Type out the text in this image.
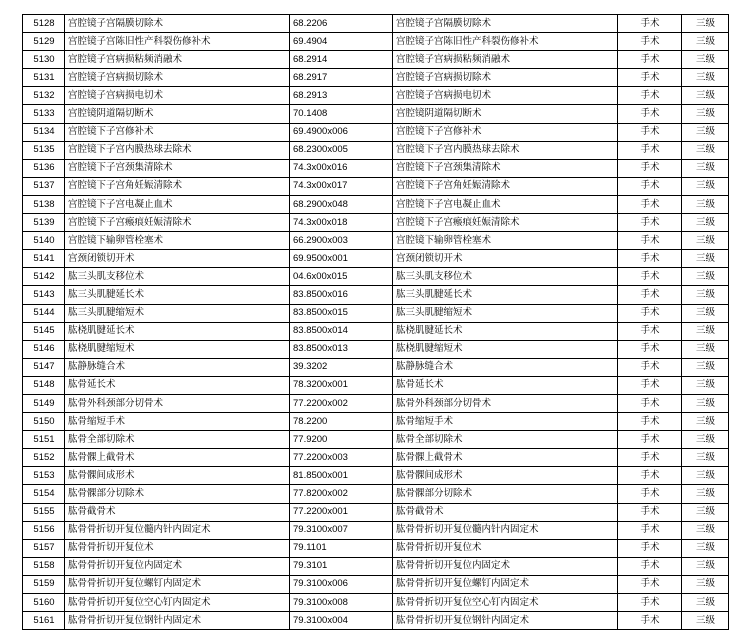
5128	宫腔镜子宫隔膜切除术	68.2206	宫腔镜子宫隔膜切除术	手术	三级
5129	宫腔镜子宫陈旧性产科裂伤修补术	69.4904	宫腔镜子宫陈旧性产科裂伤修补术	手术	三级
5130	宫腔镜子宫病损粘频消融术	68.2914	宫腔镜子宫病损粘频消融术	手术	三级
5131	宫腔镜子宫病损切除术	68.2917	宫腔镜子宫病损切除术	手术	三级
5132	宫腔镜子宫病损电切术	68.2913	宫腔镜子宫病损电切术	手术	三级
5133	宫腔镜阴道隔切断术	70.1408	宫腔镜阴道隔切断术	手术	三级
5134	宫腔镜下子宫修补术	69.4900x006	宫腔镜下子宫修补术	手术	三级
5135	宫腔镜下子宫内膜热球去除术	68.2300x005	宫腔镜下子宫内膜热球去除术	手术	三级
5136	宫腔镜下子宫颈集清除术	74.3x00x016	宫腔镜下子宫颈集清除术	手术	三级
5137	宫腔镜下子宫角妊娠清除术	74.3x00x017	宫腔镜下子宫角妊娠清除术	手术	三级
5138	宫腔镜下子宫电凝止血术	68.2900x048	宫腔镜下子宫电凝止血术	手术	三级
5139	宫腔镜下子宫瘢痕妊娠清除术	74.3x00x018	宫腔镜下子宫瘢痕妊娠清除术	手术	三级
5140	宫腔镜下输卵管栓塞术	66.2900x003	宫腔镜下输卵管栓塞术	手术	三级
5141	宫颈闭锁切开术	69.9500x001	宫颈闭锁切开术	手术	三级
5142	肱三头肌支移位术	04.6x00x015	肱三头肌支移位术	手术	三级
5143	肱三头肌腱延长术	83.8500x016	肱三头肌腱延长术	手术	三级
5144	肱三头肌腱缩短术	83.8500x015	肱三头肌腱缩短术	手术	三级
5145	肱桡肌腱延长术	83.8500x014	肱桡肌腱延长术	手术	三级
5146	肱桡肌腱缩短术	83.8500x013	肱桡肌腱缩短术	手术	三级
5147	肱静脉缝合术	39.3202	肱静脉缝合术	手术	三级
5148	肱骨延长术	78.3200x001	肱骨延长术	手术	三级
5149	肱骨外科颈部分切骨术	77.2200x002	肱骨外科颈部分切骨术	手术	三级
5150	肱骨缩短手术	78.2200	肱骨缩短手术	手术	三级
5151	肱骨全部切除术	77.9200	肱骨全部切除术	手术	三级
5152	肱骨髁上截骨术	77.2200x003	肱骨髁上截骨术	手术	三级
5153	肱骨髁间成形术	81.8500x001	肱骨髁间成形术	手术	三级
5154	肱骨髁部分切除术	77.8200x002	肱骨髁部分切除术	手术	三级
5155	肱骨截骨术	77.2200x001	肱骨截骨术	手术	三级
5156	肱骨骨折切开复位髓内针内固定术	79.3100x007	肱骨骨折切开复位髓内针内固定术	手术	三级
5157	肱骨骨折切开复位术	79.1101	肱骨骨折切开复位术	手术	三级
5158	肱骨骨折切开复位内固定术	79.3101	肱骨骨折切开复位内固定术	手术	三级
5159	肱骨骨折切开复位螺钉内固定术	79.3100x006	肱骨骨折切开复位螺钉内固定术	手术	三级
5160	肱骨骨折切开复位空心钉内固定术	79.3100x008	肱骨骨折切开复位空心钉内固定术	手术	三级
5161	肱骨骨折切开复位钢针内固定术	79.3100x004	肱骨骨折切开复位钢针内固定术	手术	三级
